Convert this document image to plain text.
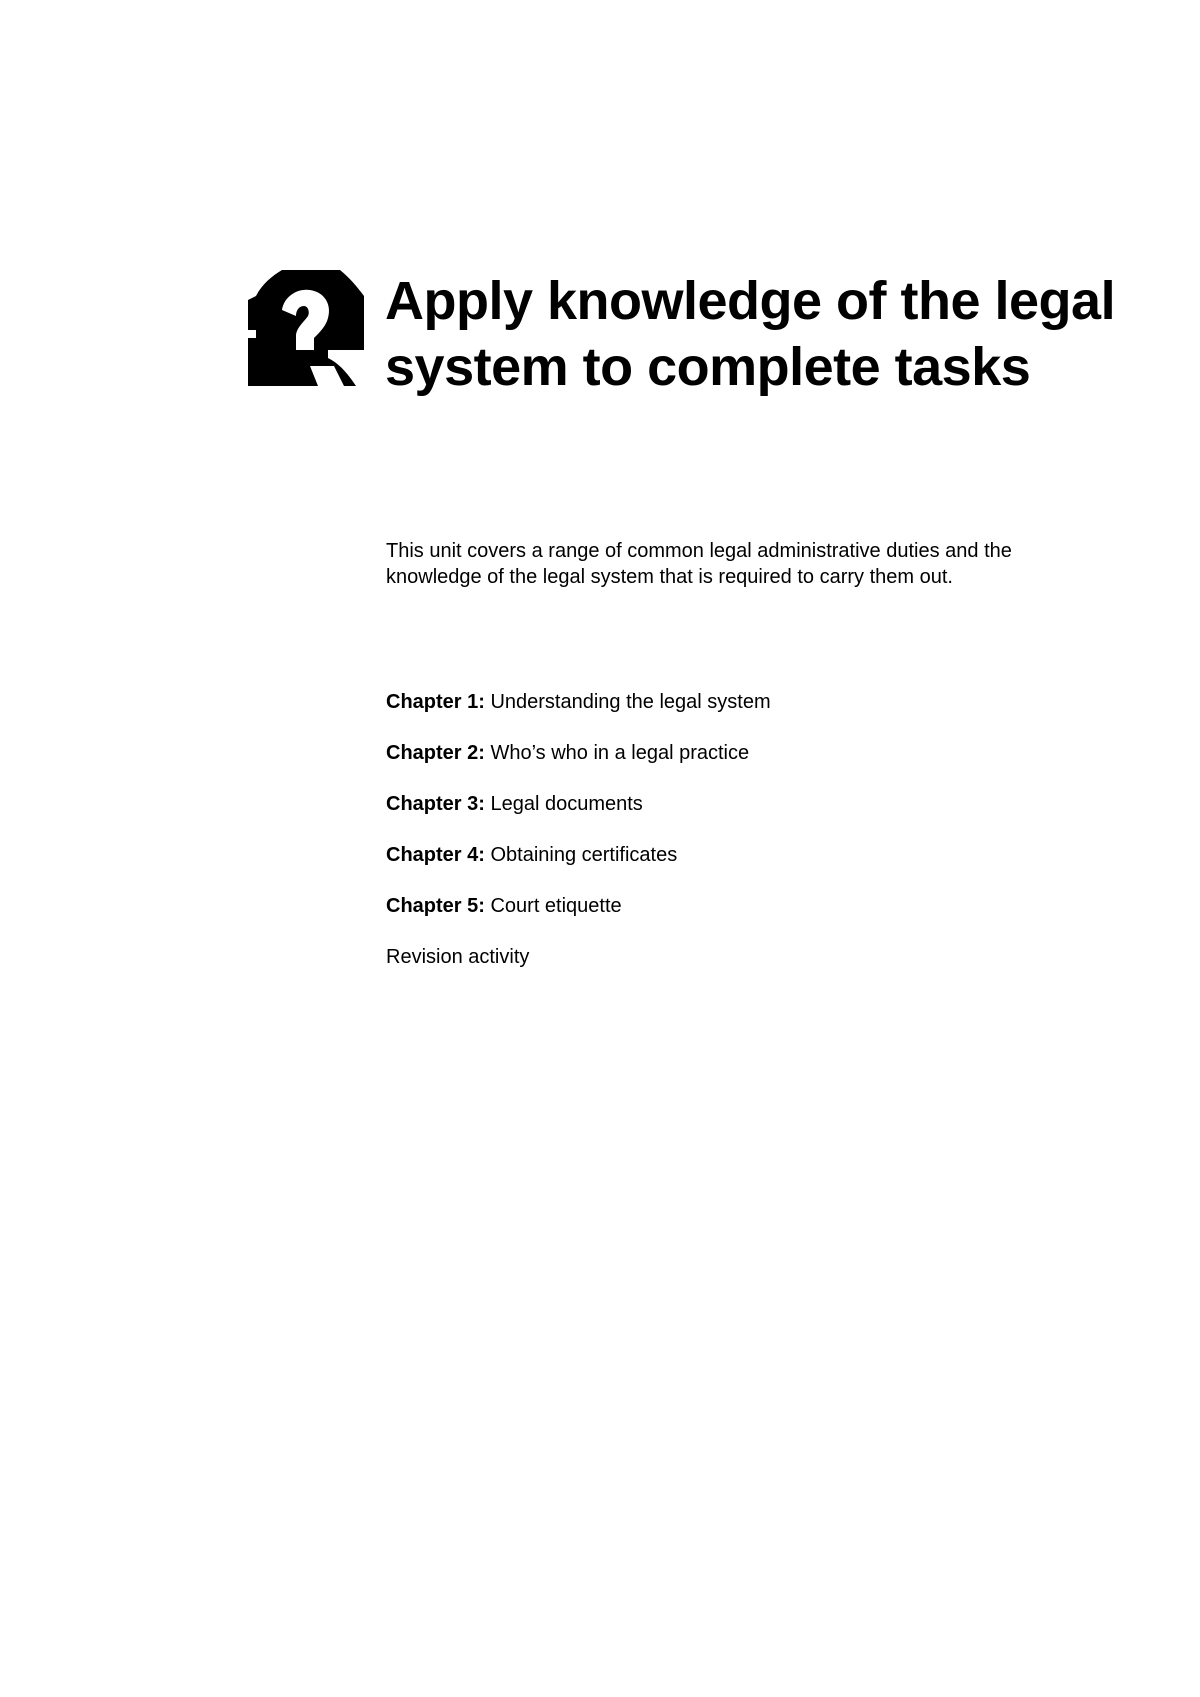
Apply knowledge of the legal system to complete tasks

This unit covers a range of common legal administrative duties and the knowledge of the legal system that is required to carry them out.

Chapter 1: Understanding the legal system
Chapter 2: Who’s who in a legal practice
Chapter 3: Legal documents
Chapter 4: Obtaining certificates
Chapter 5: Court etiquette
Revision activity
